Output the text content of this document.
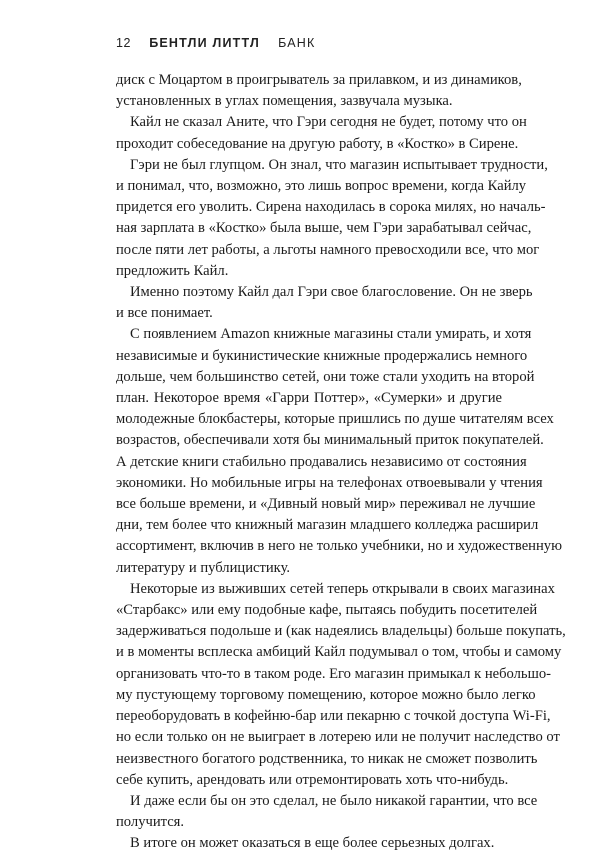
12 БЕНТЛИ ЛИТТЛ БАНК

диск с Моцартом в проигрыватель за прилавком, и из динамиков,
установленных в углах помещения, зазвучала музыка.

Кайл не сказал Аните, что Гэри сегодня не будет, потому что он
проходит собеседование на другую работу, в «Костко» в Сирене.

Гэри не был глупцом. Он знал, что магазин испытывает трудности,
и понимал, что, возможно, это лишь вопрос времени, когда Кайлу
придется его уволить. Сирена находилась в сорока милях, но началь-
ная зарплата в «Костко» была выше, чем Гэри зарабатывал сейчас,
после пяти лет работы, а льготы намного превосходили все, что мог
предложить Кайл.

Именно поэтому Кайл дал Гэри свое благословение. Он не зверь
и все понимает.

С появлением Amazon книжные магазины стали умирать, и хотя
независимые и букинистические книжные продержались немного
дольше, чем большинство сетей, они тоже стали уходить на второй
план. Некоторое время «Гарри Поттер», «Сумерки» и другие
молодежные блокбастеры, которые пришлись по душе читателям всех
возрастов, обеспечивали хотя бы минимальный приток покупателей.
А детские книги стабильно продавались независимо от состояния
экономики. Но мобильные игры на телефонах отвоевывали у чтения
все больше времени, и «Дивный новый мир» переживал не лучшие
дни, тем более что книжный магазин младшего колледжа расширил
ассортимент, включив в него не только учебники, но и художественную
литературу и публицистику.

Некоторые из выживших сетей теперь открывали в своих магазинах
«Старбакс» или ему подобные кафе, пытаясь побудить посетителей
задерживаться подольше и (как надеялись владельцы) больше покупать,
и в моменты всплеска амбиций Кайл подумывал о том, чтобы и самому
организовать что-то в таком роде. Его магазин примыкал к небольшо-
му пустующему торговому помещению, которое можно было легко
переоборудовать в кофейню-бар или пекарню с точкой доступа Wi-Fi,
но если только он не выиграет в лотерею или не получит наследство от
неизвестного богатого родственника, то никак не сможет позволить
себе купить, арендовать или отремонтировать хоть что-нибудь.

И даже если бы он это сделал, не было никакой гарантии, что все
получится.

В итоге он может оказаться в еще более серьезных долгах.
